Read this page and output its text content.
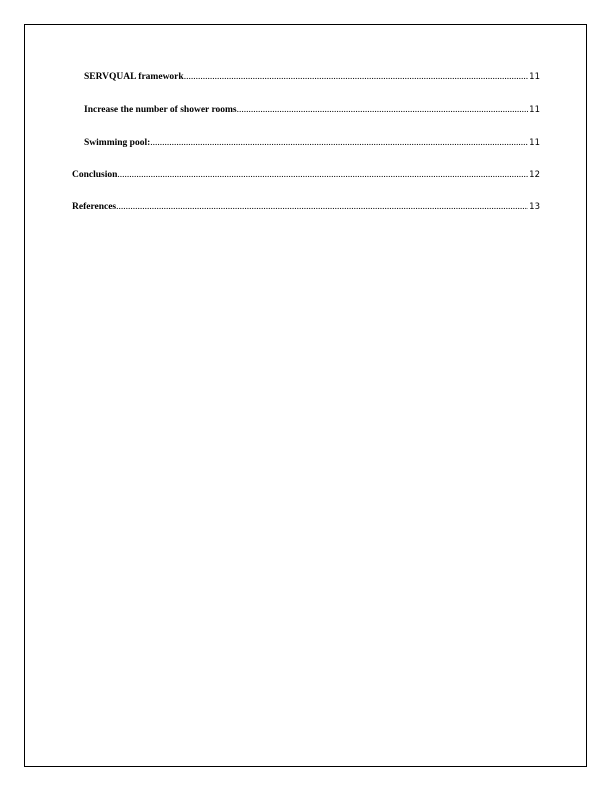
SERVQUAL framework .....	11
Increase the number of shower rooms .....	11
Swimming pool: .....	11
Conclusion .....	12
References .....	13
